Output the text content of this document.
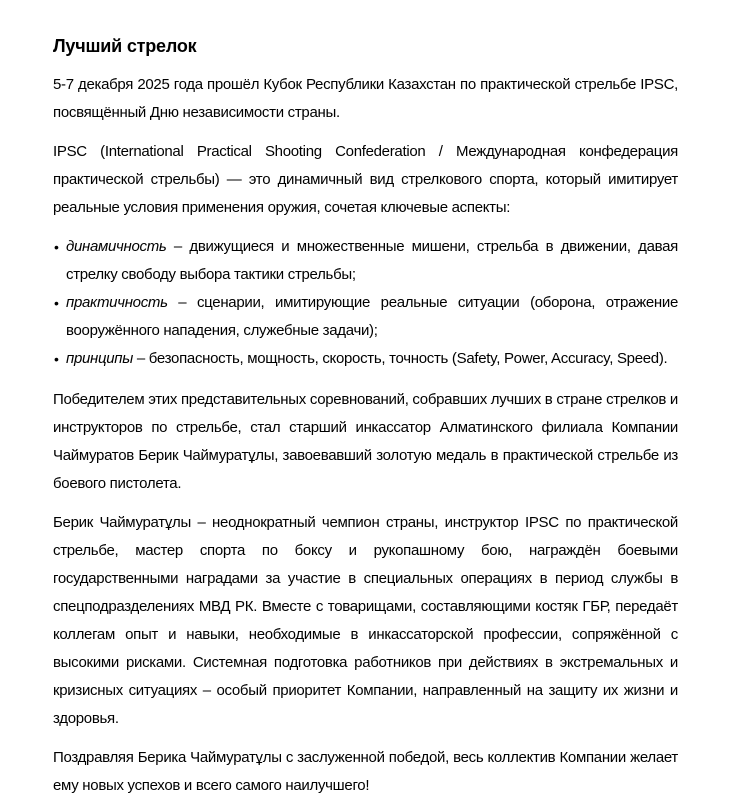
Лучший стрелок

5-7 декабря 2025 года прошёл Кубок Республики Казахстан по практической стрельбе IPSC, посвящённый Дню независимости страны.

IPSC (International Practical Shooting Confederation / Международная конфедерация практической стрельбы) — это динамичный вид стрелкового спорта, который имитирует реальные условия применения оружия, сочетая ключевые аспекты:

• динамичность – движущиеся и множественные мишени, стрельба в движении, давая стрелку свободу выбора тактики стрельбы;
• практичность – сценарии, имитирующие реальные ситуации (оборона, отражение вооружённого нападения, служебные задачи);
• принципы – безопасность, мощность, скорость, точность (Safety, Power, Accuracy, Speed).

Победителем этих представительных соревнований, собравших лучших в стране стрелков и инструкторов по стрельбе, стал старший инкассатор Алматинского филиала Компании Чаймуратов Берик Чаймуратұлы, завоевавший золотую медаль в практической стрельбе из боевого пистолета.

Берик Чаймуратұлы – неоднократный чемпион страны, инструктор IPSC по практической стрельбе, мастер спорта по боксу и рукопашному бою, награждён боевыми государственными наградами за участие в специальных операциях в период службы в спецподразделениях МВД РК. Вместе с товарищами, составляющими костяк ГБР, передаёт коллегам опыт и навыки, необходимые в инкассаторской профессии, сопряжённой с высокими рисками. Системная подготовка работников при действиях в экстремальных и кризисных ситуациях – особый приоритет Компании, направленный на защиту их жизни и здоровья.

Поздравляя Берика Чаймуратұлы с заслуженной победой, весь коллектив Компании желает ему новых успехов и всего самого наилучшего!
